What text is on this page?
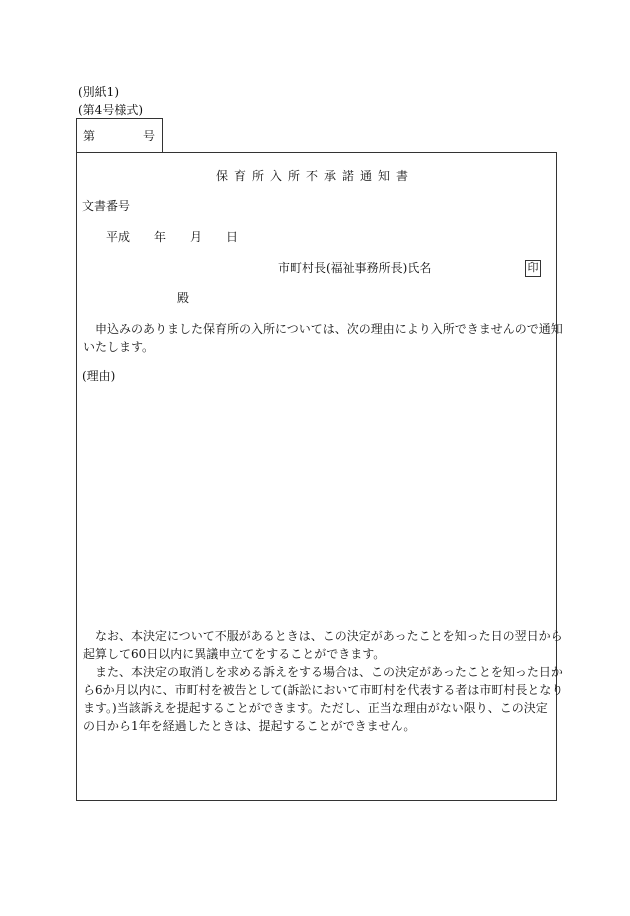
(別紙1)
(第4号様式)
第	号
保育所入所不承諾通知書
文書番号
平成 年 月 日
市町村長(福祉事務所長)氏名	印
殿
　申込みのありました保育所の入所については、次の理由により入所できませんので通知
いたします。
(理由)
　なお、本決定について不服があるときは、この決定があったことを知った日の翌日から
起算して60日以内に異議申立てをすることができます。
　また、本決定の取消しを求める訴えをする場合は、この決定があったことを知った日か
ら6か月以内に、市町村を被告として(訴訟において市町村を代表する者は市町村長となり
ます。)当該訴えを提起することができます。ただし、正当な理由がない限り、この決定
の日から1年を経過したときは、提起することができません。
